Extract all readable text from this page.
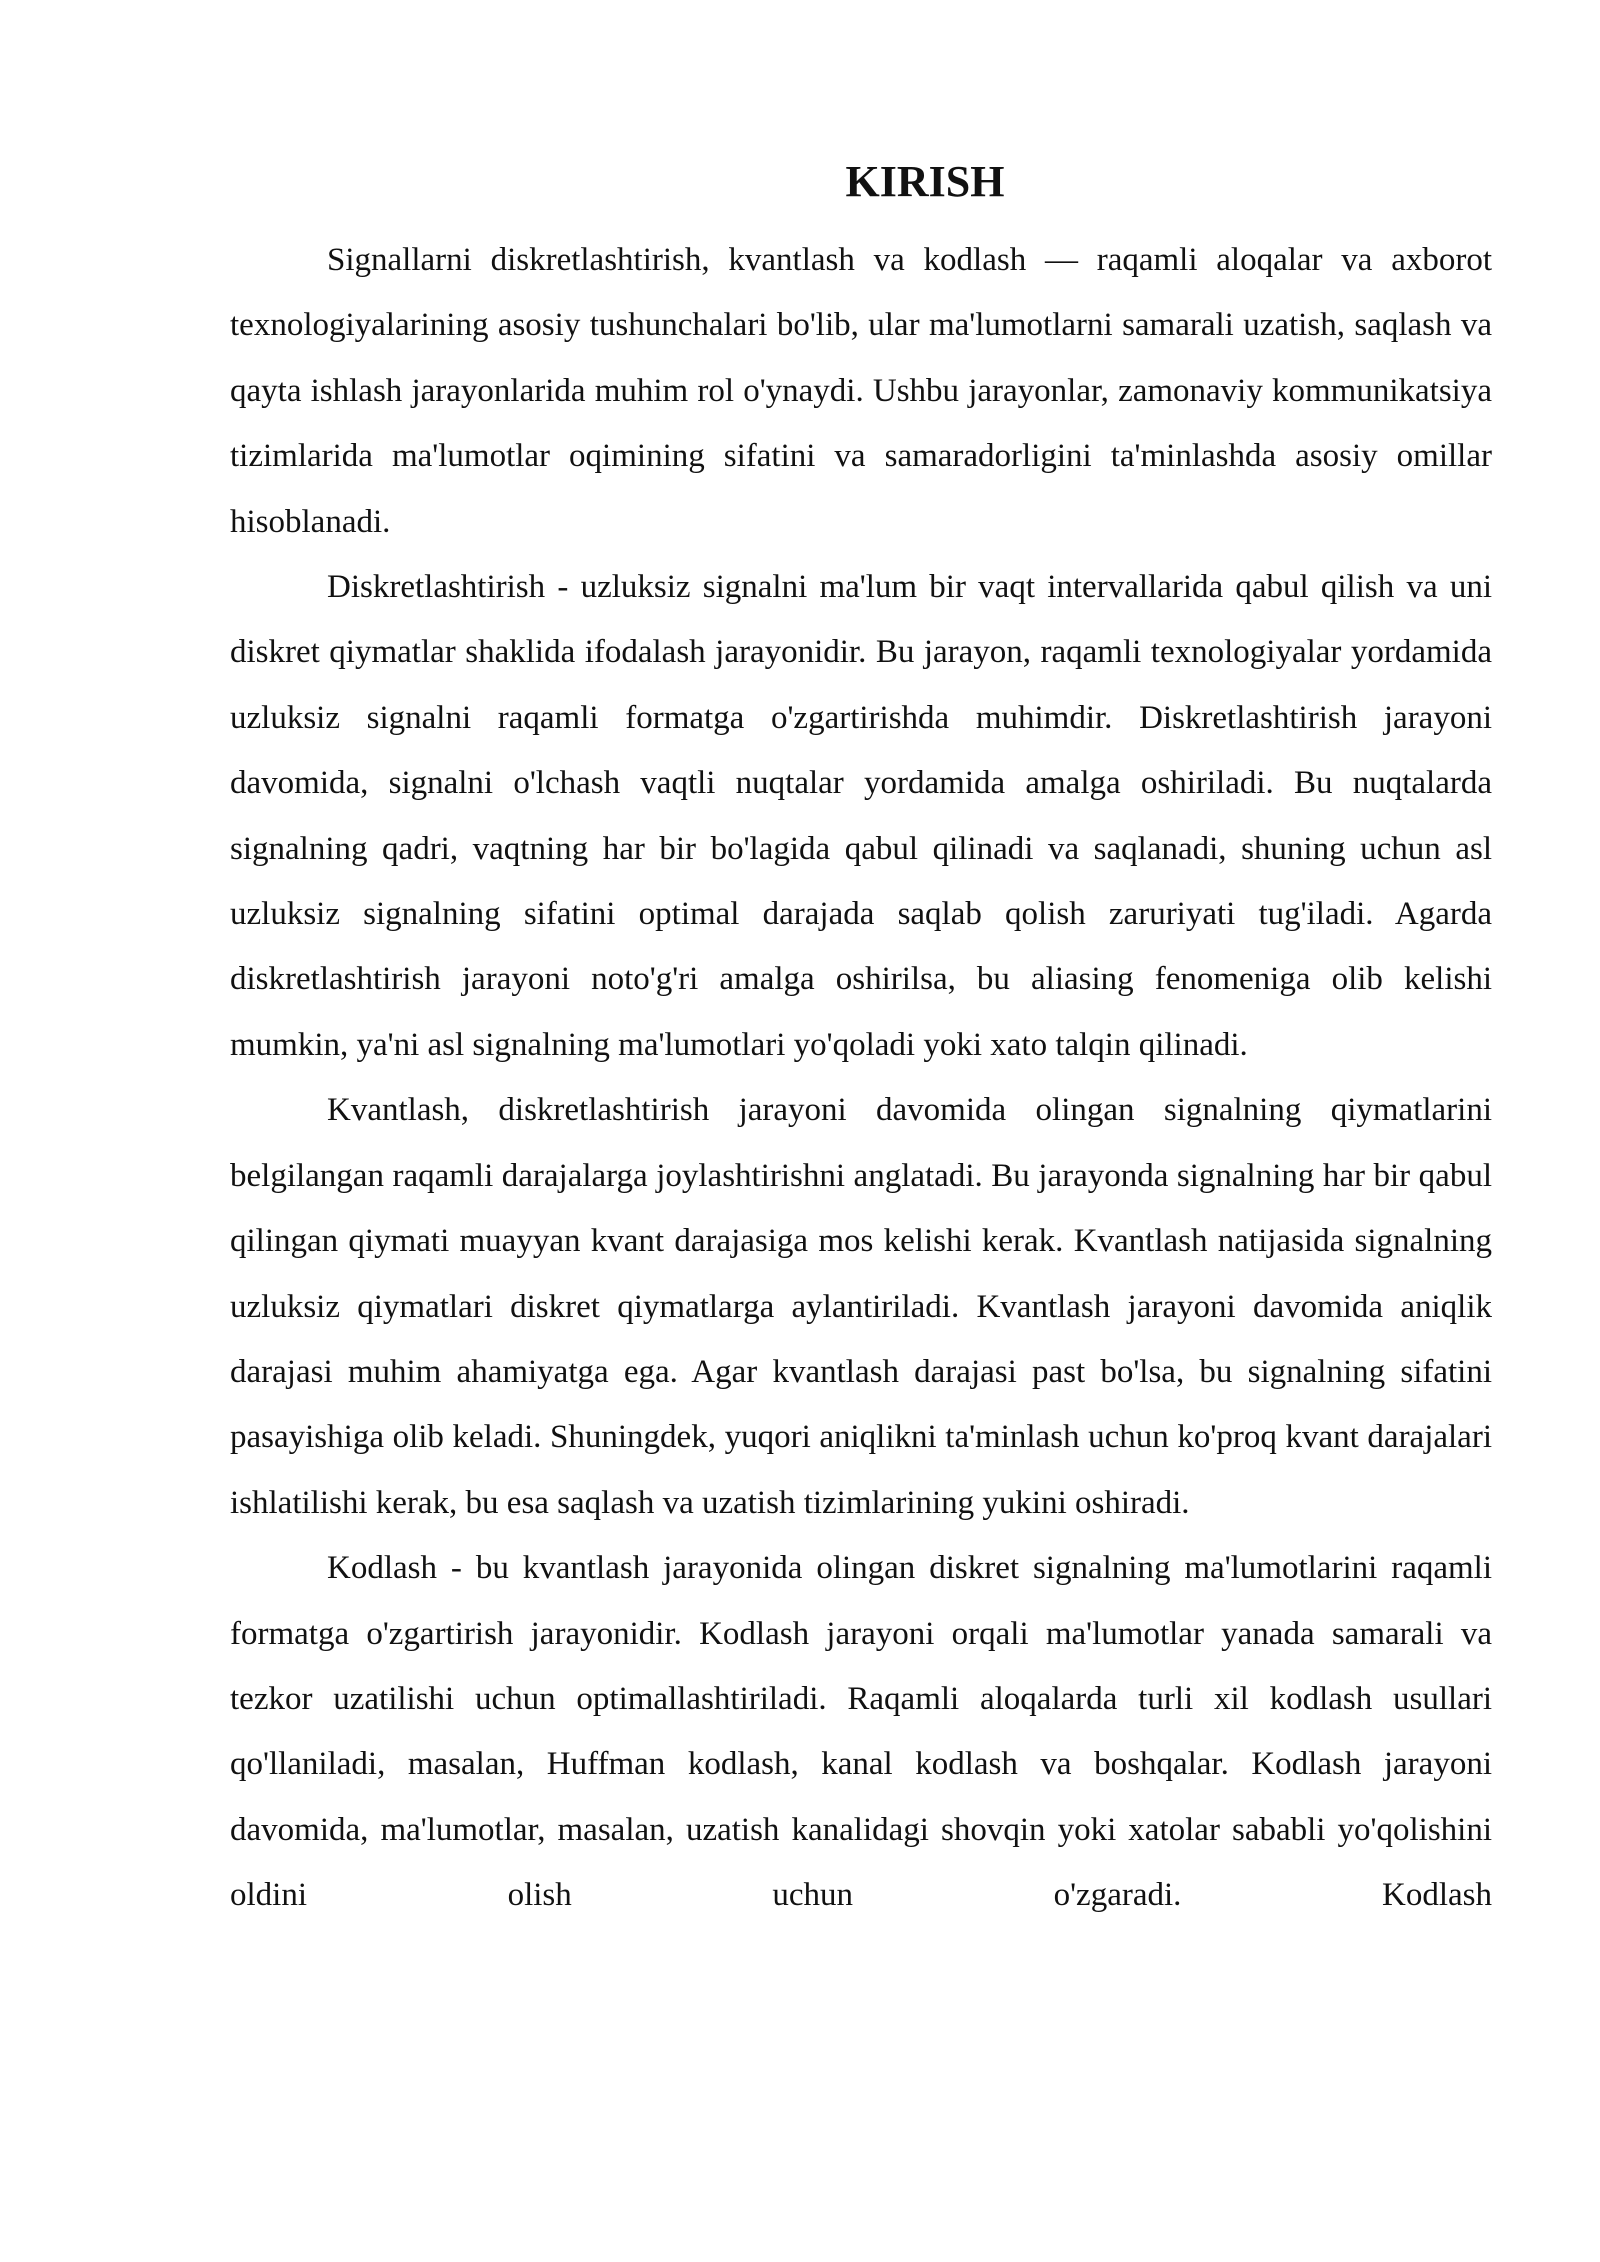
KIRISH

Signallarni diskretlashtirish, kvantlash va kodlash — raqamli aloqalar va axborot texnologiyalarining asosiy tushunchalari bo'lib, ular ma'lumotlarni samarali uzatish, saqlash va qayta ishlash jarayonlarida muhim rol o'ynaydi. Ushbu jarayonlar, zamonaviy kommunikatsiya tizimlarida ma'lumotlar oqimining sifatini va samaradorligini ta'minlashda asosiy omillar hisoblanadi.

Diskretlashtirish - uzluksiz signalni ma'lum bir vaqt intervallarida qabul qilish va uni diskret qiymatlar shaklida ifodalash jarayonidir. Bu jarayon, raqamli texnologiyalar yordamida uzluksiz signalni raqamli formatga o'zgartirishda muhimdir. Diskretlashtirish jarayoni davomida, signalni o'lchash vaqtli nuqtalar yordamida amalga oshiriladi. Bu nuqtalarda signalning qadri, vaqtning har bir bo'lagida qabul qilinadi va saqlanadi, shuning uchun asl uzluksiz signalning sifatini optimal darajada saqlab qolish zaruriyati tug'iladi. Agarda diskretlashtirish jarayoni noto'g'ri amalga oshirilsa, bu aliasing fenomeniga olib kelishi mumkin, ya'ni asl signalning ma'lumotlari yo'qoladi yoki xato talqin qilinadi.

Kvantlash, diskretlashtirish jarayoni davomida olingan signalning qiymatlarini belgilangan raqamli darajalarga joylashtirishni anglatadi. Bu jarayonda signalning har bir qabul qilingan qiymati muayyan kvant darajasiga mos kelishi kerak. Kvantlash natijasida signalning uzluksiz qiymatlari diskret qiymatlarga aylantiriladi. Kvantlash jarayoni davomida aniqlik darajasi muhim ahamiyatga ega. Agar kvantlash darajasi past bo'lsa, bu signalning sifatini pasayishiga olib keladi. Shuningdek, yuqori aniqlikni ta'minlash uchun ko'proq kvant darajalari ishlatilishi kerak, bu esa saqlash va uzatish tizimlarining yukini oshiradi.

Kodlash - bu kvantlash jarayonida olingan diskret signalning ma'lumotlarini raqamli formatga o'zgartirish jarayonidir. Kodlash jarayoni orqali ma'lumotlar yanada samarali va tezkor uzatilishi uchun optimallashtiriladi. Raqamli aloqalarda turli xil kodlash usullari qo'llaniladi, masalan, Huffman kodlash, kanal kodlash va boshqalar. Kodlash jarayoni davomida, ma'lumotlar, masalan, uzatish kanalidagi shovqin yoki xatolar sababli yo'qolishini oldini olish uchun o'zgaradi. Kodlash
